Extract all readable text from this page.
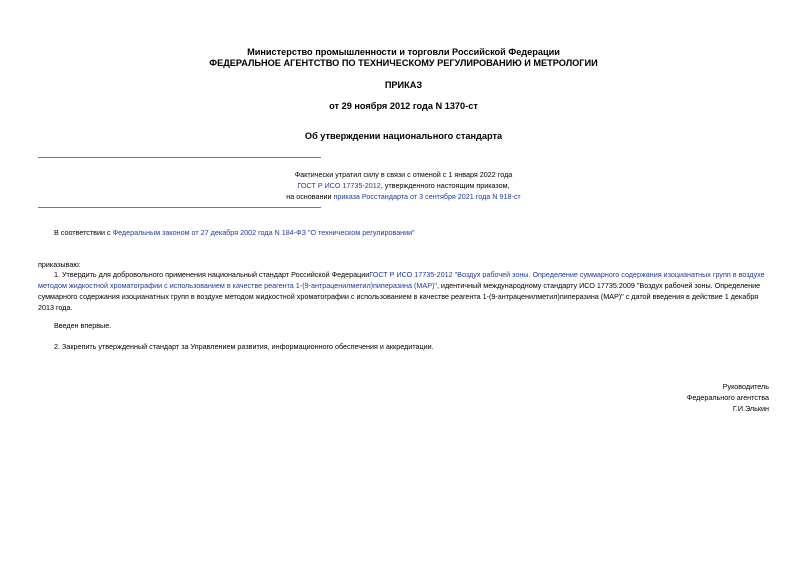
Министерство промышленности и торговли Российской Федерации
ФЕДЕРАЛЬНОЕ АГЕНТСТВО ПО ТЕХНИЧЕСКОМУ РЕГУЛИРОВАНИЮ И МЕТРОЛОГИИ
ПРИКАЗ
от 29 ноября 2012 года N 1370-ст
Об утверждении национального стандарта
Фактически утратил силу в связи с отменой с 1 января 2022 года
ГОСТ Р ИСО 17735-2012, утвержденного настоящим приказом,
на основании приказа Росстандарта от 3 сентября 2021 года N 918-ст
В соответствии с Федеральным законом от 27 декабря 2002 года N 184-ФЗ "О техническом регулировании"
приказываю:
1. Утвердить для добровольного применения национальный стандарт Российской ФедерацииГОСТ Р ИСО 17735-2012 "Воздух рабочей зоны. Определение суммарного содержания изоцианатных групп в воздухе методом жидкостной хроматографии с использованием в качестве реагента 1-(9-антраценилметил)пиперазина (МАР)", идентичный международному стандарту ИСО 17735:2009 "Воздух рабочей зоны. Определение суммарного содержания изоцианатных групп в воздухе методом жидкостной хроматографии с использованием в качестве реагента 1-(9-антраценилметил)пиперазина (МАР)" с датой введения в действие 1 декабря 2013 года.
Введен впервые.
2. Закрепить утвержденный стандарт за Управлением развития, информационного обеспечения и аккредитации.
Руководитель
Федерального агентства
Г.И.Элькин
